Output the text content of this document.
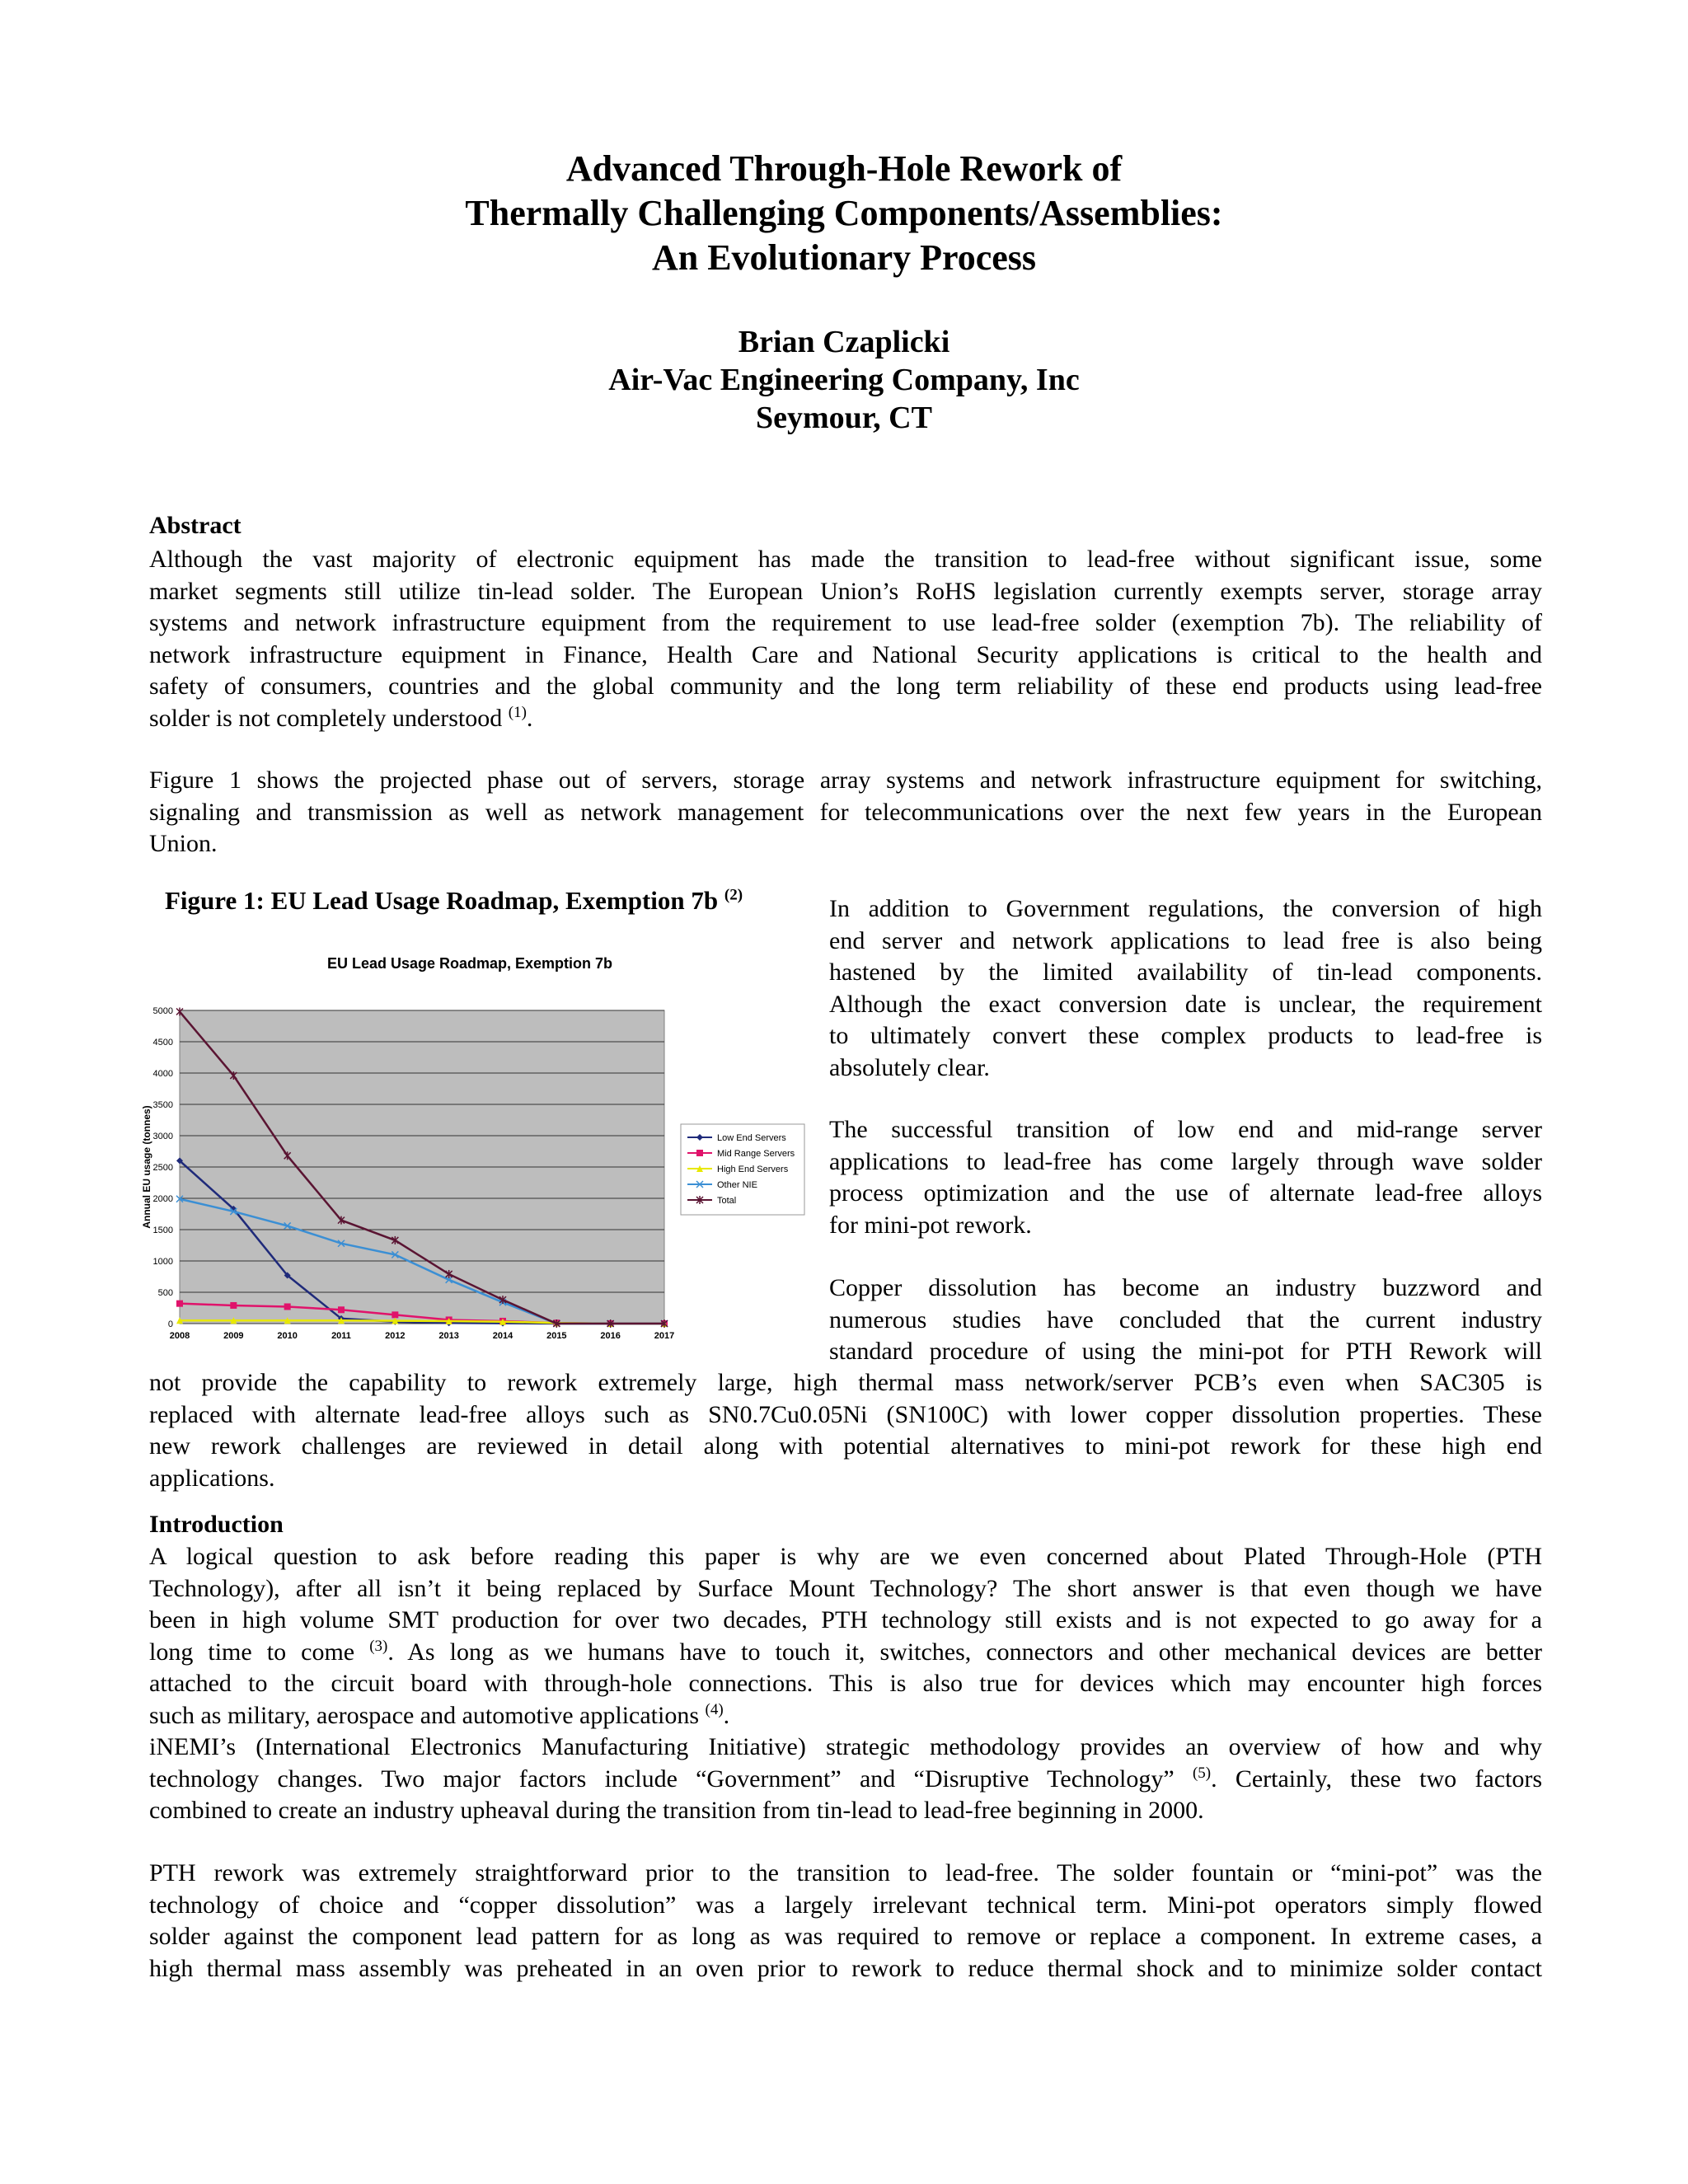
Advanced Through-Hole Rework of
Thermally Challenging Components/Assemblies:
An Evolutionary Process
Brian Czaplicki
Air-Vac Engineering Company, Inc
Seymour, CT
Abstract
Although the vast majority of electronic equipment has made the transition to lead-free without significant issue, some
market segments still utilize tin-lead solder. The European Union’s RoHS legislation currently exempts server, storage array
systems and network infrastructure equipment from the requirement to use lead-free solder (exemption 7b). The reliability of
network infrastructure equipment in Finance, Health Care and National Security applications is critical to the health and
safety of consumers, countries and the global community and the long term reliability of these end products using lead-free
solder is not completely understood $^{(1)}$.
Figure 1 shows the projected phase out of servers, storage array systems and network infrastructure equipment for switching,
signaling and transmission as well as network management for telecommunications over the next few years in the European
Union.
Figure 1: EU Lead Usage Roadmap, Exemption 7b $^{(2)}$
EU Lead Usage Roadmap, Exemption 7b
0
500
1000
1500
2000
2500
3000
3500
4000
4500
5000
2008	2009	2010	2011	2012	2013	2014	2015	2016	2017
Annual EU usage (tonnes)	Low End Servers
Mid Range Servers
High End Servers
Other NIE
Total
In addition to Government regulations, the conversion of high
end server and network applications to lead free is also being
hastened by the limited availability of tin-lead components.
Although the exact conversion date is unclear, the requirement
to ultimately convert these complex products to lead-free is
absolutely clear.
The successful transition of low end and mid-range server
applications to lead-free has come largely through wave solder
process optimization and the use of alternate lead-free alloys
for mini-pot rework.
Copper dissolution has become an industry buzzword and
numerous studies have concluded that the current industry
standard procedure of using the mini-pot for PTH Rework will
not provide the capability to rework extremely large, high thermal mass network/server PCB’s even when SAC305 is
replaced with alternate lead-free alloys such as SN0.7Cu0.05Ni (SN100C) with lower copper dissolution properties. These
new rework challenges are reviewed in detail along with potential alternatives to mini-pot rework for these high end
applications.
Introduction
A logical question to ask before reading this paper is why are we even concerned about Plated Through-Hole (PTH
Technology), after all isn’t it being replaced by Surface Mount Technology? The short answer is that even though we have
been in high volume SMT production for over two decades, PTH technology still exists and is not expected to go away for a
long time to come $^{(3)}$. As long as we humans have to touch it, switches, connectors and other mechanical devices are better
attached to the circuit board with through-hole connections. This is also true for devices which may encounter high forces
such as military, aerospace and automotive applications $^{(4)}$.
iNEMI’s (International Electronics Manufacturing Initiative) strategic methodology provides an overview of how and why
technology changes. Two major factors include “Government” and “Disruptive Technology” $^{(5)}$. Certainly, these two factors
combined to create an industry upheaval during the transition from tin-lead to lead-free beginning in 2000.
PTH rework was extremely straightforward prior to the transition to lead-free. The solder fountain or “mini-pot” was the
technology of choice and “copper dissolution” was a largely irrelevant technical term. Mini-pot operators simply flowed
solder against the component lead pattern for as long as was required to remove or replace a component. In extreme cases, a
high thermal mass assembly was preheated in an oven prior to rework to reduce thermal shock and to minimize solder contact
